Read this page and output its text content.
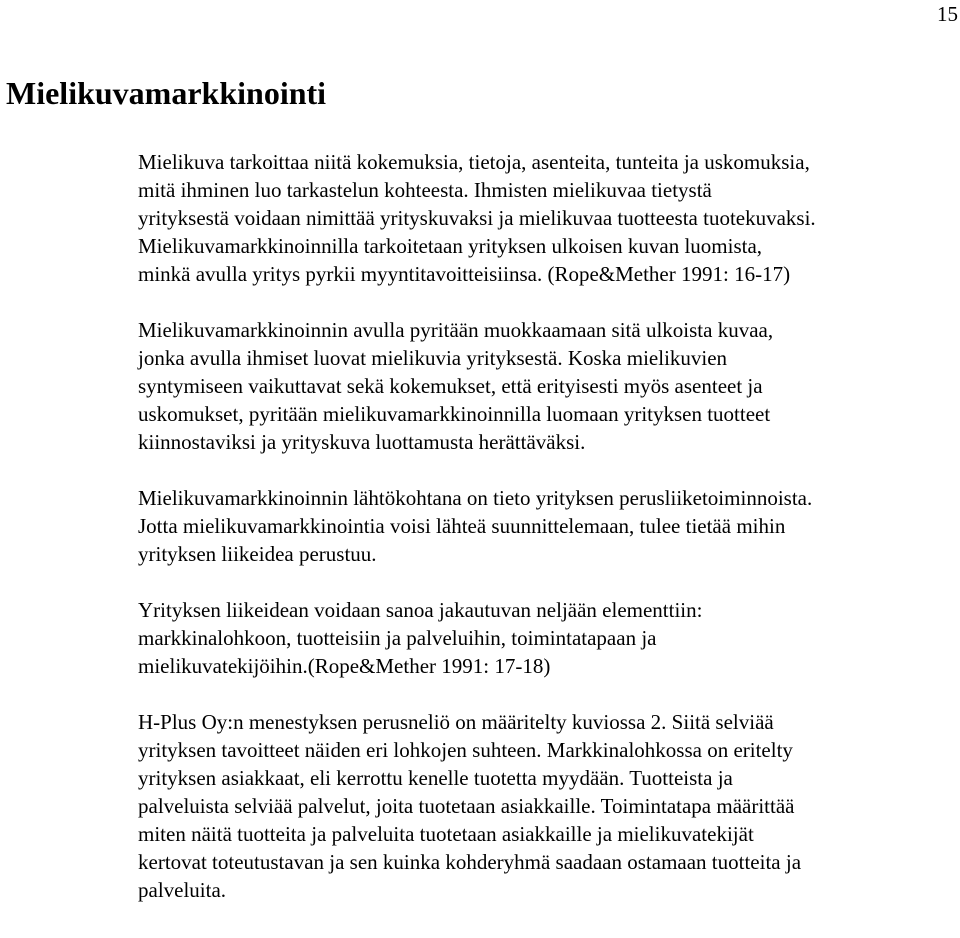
15
Mielikuvamarkkinointi

Mielikuva tarkoittaa niitä kokemuksia, tietoja, asenteita, tunteita ja uskomuksia,
mitä ihminen luo tarkastelun kohteesta. Ihmisten mielikuvaa tietystä
yrityksestä voidaan nimittää yrityskuvaksi ja mielikuvaa tuotteesta tuotekuvaksi.
Mielikuvamarkkinoinnilla tarkoitetaan yrityksen ulkoisen kuvan luomista,
minkä avulla yritys pyrkii myyntitavoitteisiinsa. (Rope&Mether 1991: 16-17)

Mielikuvamarkkinoinnin avulla pyritään muokkaamaan sitä ulkoista kuvaa,
jonka avulla ihmiset luovat mielikuvia yrityksestä. Koska mielikuvien
syntymiseen vaikuttavat sekä kokemukset, että erityisesti myös asenteet ja
uskomukset, pyritään mielikuvamarkkinoinnilla luomaan yrityksen tuotteet
kiinnostaviksi ja yrityskuva luottamusta herättäväksi.

Mielikuvamarkkinoinnin lähtökohtana on tieto yrityksen perusliiketoiminnoista.
Jotta mielikuvamarkkinointia voisi lähteä suunnittelemaan, tulee tietää mihin
yrityksen liikeidea perustuu.

Yrityksen liikeidean voidaan sanoa jakautuvan neljään elementtiin:
markkinalohkoon, tuotteisiin ja palveluihin, toimintatapaan ja
mielikuvatekijöihin.(Rope&Mether 1991: 17-18)

H-Plus Oy:n menestyksen perusneliö on määritelty kuviossa 2. Siitä selviää
yrityksen tavoitteet näiden eri lohkojen suhteen. Markkinalohkossa on eritelty
yrityksen asiakkaat, eli kerrottu kenelle tuotetta myydään. Tuotteista ja
palveluista selviää palvelut, joita tuotetaan asiakkaille. Toimintatapa määrittää
miten näitä tuotteita ja palveluita tuotetaan asiakkaille ja mielikuvatekijät
kertovat toteutustavan ja sen kuinka kohderyhmä saadaan ostamaan tuotteita ja
palveluita.
